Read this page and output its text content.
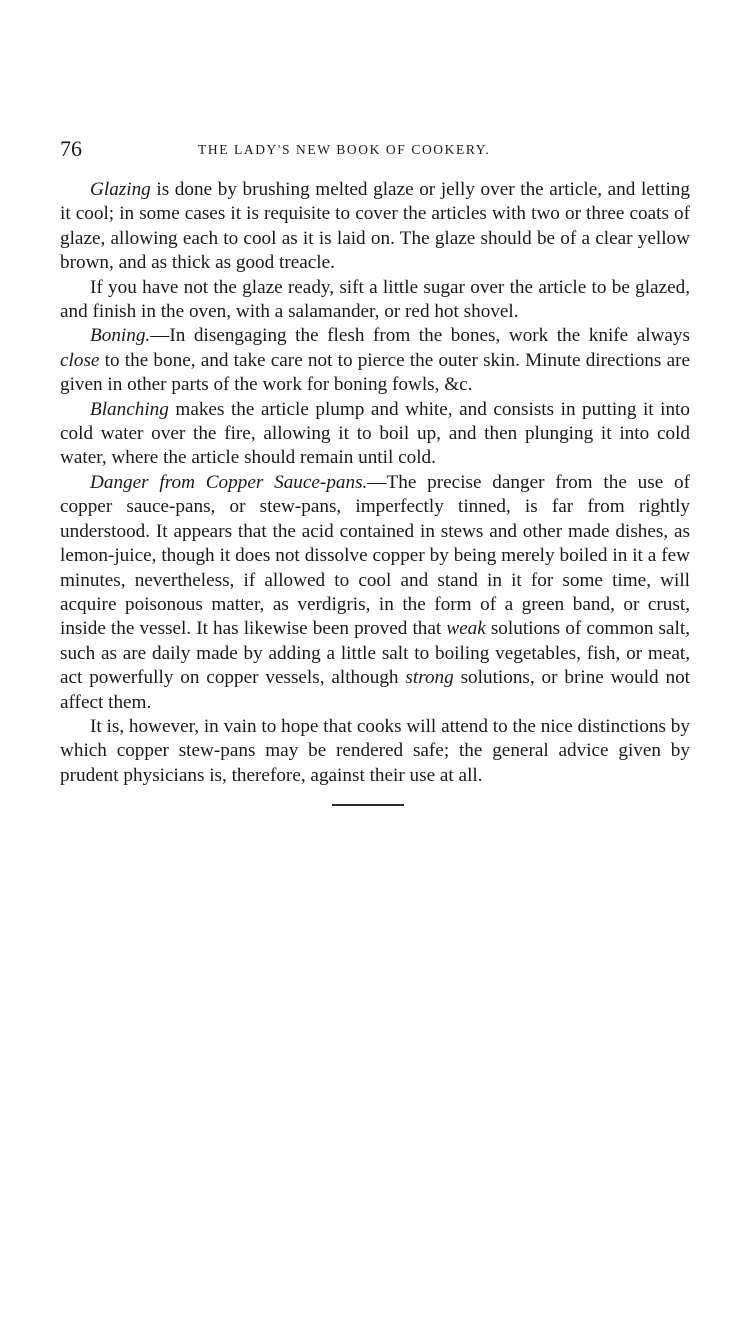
76	THE LADY'S NEW BOOK OF COOKERY.

Glazing is done by brushing melted glaze or jelly over the article, and letting it cool; in some cases it is requisite to cover the articles with two or three coats of glaze, allowing each to cool as it is laid on. The glaze should be of a clear yellow brown, and as thick as good treacle.

If you have not the glaze ready, sift a little sugar over the article to be glazed, and finish in the oven, with a salamander, or red hot shovel.

Boning.—In disengaging the flesh from the bones, work the knife always close to the bone, and take care not to pierce the outer skin. Minute directions are given in other parts of the work for boning fowls, &c.

Blanching makes the article plump and white, and consists in putting it into cold water over the fire, allowing it to boil up, and then plunging it into cold water, where the article should remain until cold.

Danger from Copper Sauce-pans.—The precise danger from the use of copper sauce-pans, or stew-pans, imperfectly tinned, is far from rightly understood. It appears that the acid contained in stews and other made dishes, as lemon-juice, though it does not dissolve copper by being merely boiled in it a few minutes, nevertheless, if allowed to cool and stand in it for some time, will acquire poisonous matter, as verdigris, in the form of a green band, or crust, inside the vessel. It has likewise been proved that weak solutions of common salt, such as are daily made by adding a little salt to boiling vegetables, fish, or meat, act powerfully on copper vessels, although strong solutions, or brine would not affect them.

It is, however, in vain to hope that cooks will attend to the nice distinctions by which copper stew-pans may be rendered safe; the general advice given by prudent physicians is, therefore, against their use at all.
